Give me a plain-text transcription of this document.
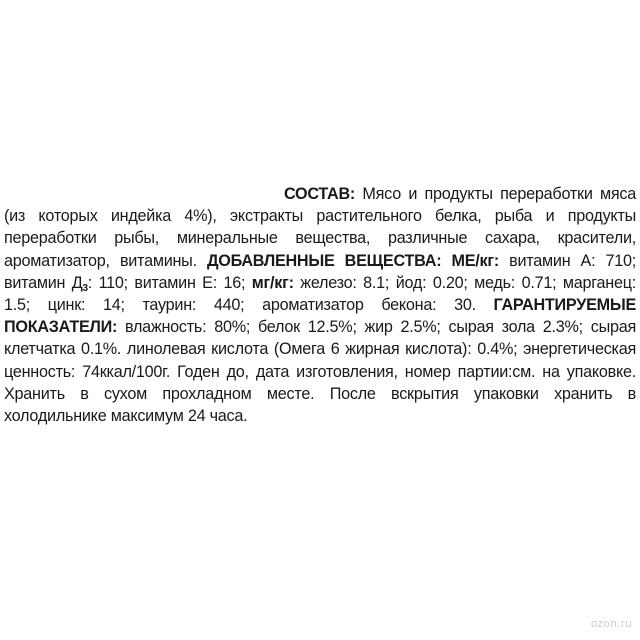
СОСТАВ: Мясо и продукты переработки мяса (из которых индейка 4%), экстракты растительного белка, рыба и продукты переработки рыбы, минеральные вещества, различные сахара, красители, ароматизатор, витамины. ДОБАВЛЕННЫЕ ВЕЩЕСТВА: МЕ/кг: витамин А: 710; витамин $Д_3$: 110; витамин Е: 16; мг/кг: железо: 8.1; йод: 0.20; медь: 0.71; марганец: 1.5; цинк: 14; таурин: 440; ароматизатор бекона: 30. ГАРАНТИРУЕМЫЕ ПОКАЗАТЕЛИ: влажность: 80%; белок 12.5%; жир 2.5%; сырая зола 2.3%; сырая клетчатка 0.1%. линолевая кислота (Омега 6 жирная кислота): 0.4%; энергетическая ценность: 74ккал/100г. Годен до, дата изготовления, номер партии:см. на упаковке. Хранить в сухом прохладном месте. После вскрытия упаковки хранить в холодильнике максимум 24 часа.

ozon.ru
